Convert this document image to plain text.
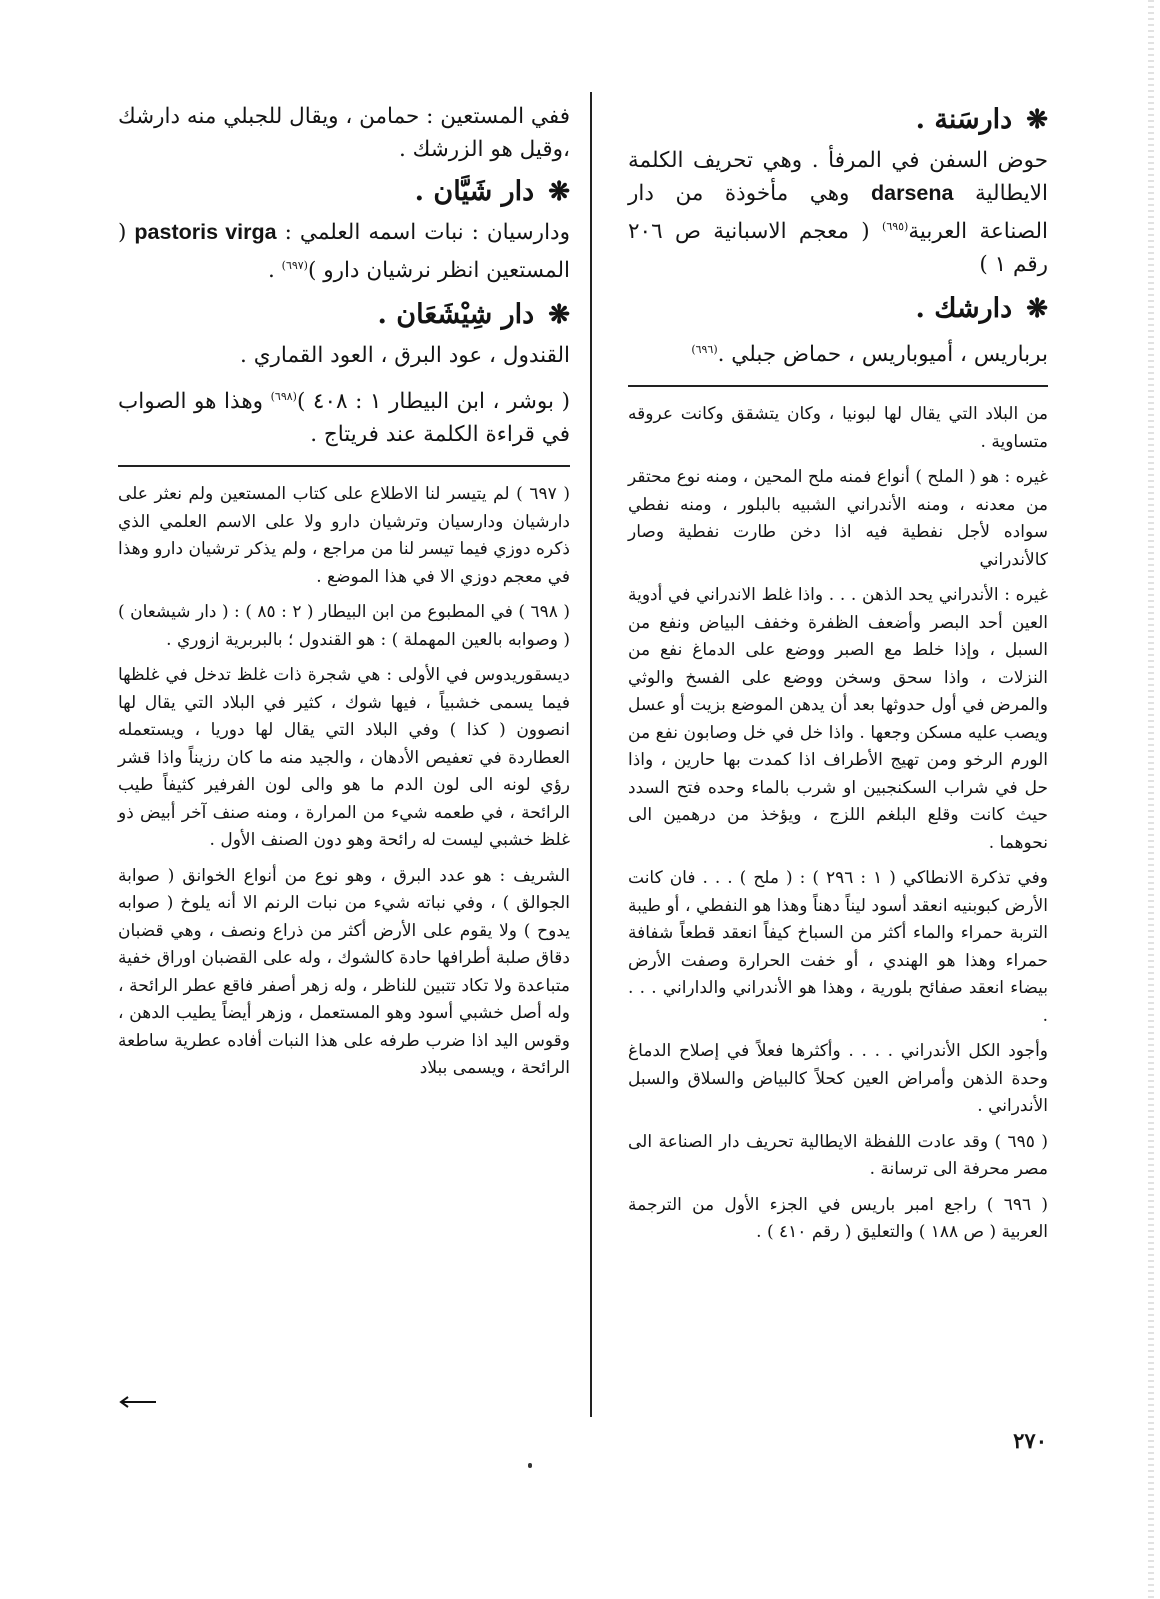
❋دارسَنة .

حوض السفن في المرفأ . وهي تحريف الكلمة الايطالية darsena وهي مأخوذة من دار الصناعة العربية$^{(٦٩٥)}$ ( معجم الاسبانية ص ٢٠٦ رقم ١ )

❋دارشك .

برباريس ، أميوباريس ، حماض جبلي .$^{(٦٩٦)}$

من البلاد التي يقال لها لبونيا ، وكان يتشقق وكانت عروقه متساوية .

غيره : هو ( الملح ) أنواع فمنه ملح المحين ، ومنه نوع محتقر من معدنه ، ومنه الأندراني الشبيه بالبلور ، ومنه نفطي سواده لأجل نفطية فيه اذا دخن طارت نفطية وصار كالأندراني

غيره : الأندراني يحد الذهن . . . واذا غلط الاندراني في أدوية العين أحد البصر وأضعف الظفرة وخفف البياض ونفع من السبل ، وإذا خلط مع الصبر ووضع على الدماغ نفع من النزلات ، واذا سحق وسخن ووضع على الفسخ والوثي والمرض في أول حدوثها بعد أن يدهن الموضع بزيت أو عسل ويصب عليه مسكن وجعها . واذا خل في خل وصابون نفع من الورم الرخو ومن تهيج الأطراف اذا كمدت بها حارين ، واذا حل في شراب السكنجبين او شرب بالماء وحده فتح السدد حيث كانت وقلع البلغم اللزج ، ويؤخذ من درهمين الى نحوهما .

وفي تذكرة الانطاكي ( ١ : ٢٩٦ ) : ( ملح ) . . . فان كانت الأرض كبوبنيه انعقد أسود ليناً دهناً وهذا هو النفطي ، أو طيبة التربة حمراء والماء أكثر من السباخ كيفاً انعقد قطعاً شفافة حمراء وهذا هو الهندي ، أو خفت الحرارة وصفت الأرض بيضاء انعقد صفائح بلورية ، وهذا هو الأندراني والداراني . . . .

وأجود الكل الأندراني . . . . وأكثرها فعلاً في إصلاح الدماغ وحدة الذهن وأمراض العين كحلاً كالبياض والسلاق والسبل الأندراني .

( ٦٩٥ ) وقد عادت اللفظة الايطالية تحريف دار الصناعة الى مصر محرفة الى ترسانة .

( ٦٩٦ ) راجع امبر باريس في الجزء الأول من الترجمة العربية ( ص ١٨٨ ) والتعليق ( رقم ٤١٠ ) .

ففي المستعين : حمامن ، ويقال للجبلي منه دارشك ،وقيل هو الزرشك .

❋دار شَيَّان .

ودارسيان : نبات اسمه العلمي : pastoris virga ( المستعين انظر نرشيان دارو )$^{(٦٩٧)}$ .

❋دار شِيْشَعَان .

القندول ، عود البرق ، العود القماري .

( بوشر ، ابن البيطار ١ : ٤٠٨ )$^{(٦٩٨)}$ وهذا هو الصواب في قراءة الكلمة عند فريتاج .

( ٦٩٧ ) لم يتيسر لنا الاطلاع على كتاب المستعين ولم نعثر على دارشيان ودارسيان وترشيان دارو ولا على الاسم العلمي الذي ذكره دوزي فيما تيسر لنا من مراجع ، ولم يذكر ترشيان دارو وهذا في معجم دوزي الا في هذا الموضع .

( ٦٩٨ ) في المطبوع من ابن البيطار ( ٢ : ٨٥ ) : ( دار شيشعان ) ( وصوابه بالعين المهملة ) : هو القندول ؛ بالبربرية ازوري .

ديسقوريدوس في الأولى : هي شجرة ذات غلظ تدخل في غلظها فيما يسمى خشبياً ، فيها شوك ، كثير في البلاد التي يقال لها انصوون ( كذا ) وفي البلاد التي يقال لها دوريا ، ويستعمله العطاردة في تعفيص الأدهان ، والجيد منه ما كان رزيناً واذا قشر رؤي لونه الى لون الدم ما هو والى لون الفرفير كثيفاً طيب الرائحة ، في طعمه شيء من المرارة ، ومنه صنف آخر أبيض ذو غلظ خشبي ليست له رائحة وهو دون الصنف الأول .

الشريف : هو عدد البرق ، وهو نوع من أنواع الخوانق ( صوابة الجوالق ) ، وفي نباته شيء من نبات الرنم الا أنه يلوخ ( صوابه يدوح ) ولا يقوم على الأرض أكثر من ذراع ونصف ، وهي قضبان دقاق صلبة أطرافها حادة كالشوك ، وله على القضبان اوراق خفية متباعدة ولا تكاد تتبين للناظر ، وله زهر أصفر فاقع عطر الرائحة ، وله أصل خشبي أسود وهو المستعمل ، وزهر أيضاً يطيب الدهن ، وقوس اليد اذا ضرب طرفه على هذا النبات أفاده عطرية ساطعة الرائحة ، ويسمى ببلاد

٢٧٠
